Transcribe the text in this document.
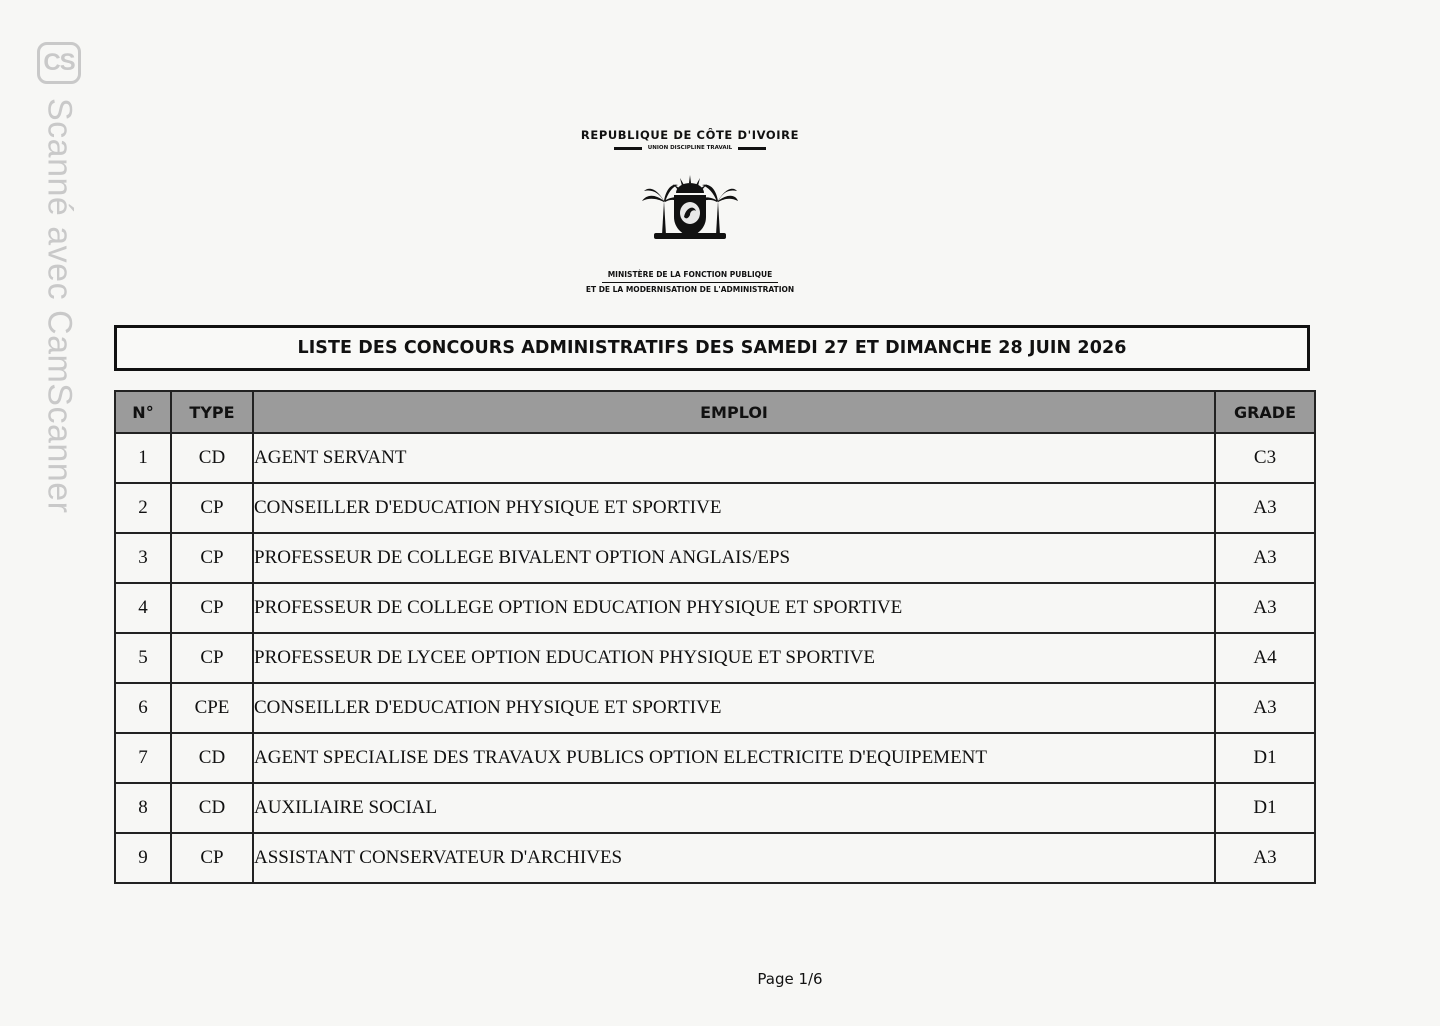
CS
Scanné avec CamScanner	REPUBLIQUE DE CÔTE D'IVOIRE
UNION DISCIPLINE TRAVAIL
MINISTÈRE DE LA FONCTION PUBLIQUE
ET DE LA MODERNISATION DE L'ADMINISTRATION
LISTE DES CONCOURS ADMINISTRATIFS DES SAMEDI 27 ET DIMANCHE 28 JUIN 2026
N°	TYPE	EMPLOI	GRADE
1	CD	AGENT SERVANT	C3
2	CP	CONSEILLER D'EDUCATION PHYSIQUE ET SPORTIVE	A3
3	CP	PROFESSEUR DE COLLEGE BIVALENT OPTION ANGLAIS/EPS	A3
4	CP	PROFESSEUR DE COLLEGE OPTION EDUCATION PHYSIQUE ET SPORTIVE	A3
5	CP	PROFESSEUR DE LYCEE OPTION EDUCATION PHYSIQUE ET SPORTIVE	A4
6	CPE	CONSEILLER D'EDUCATION PHYSIQUE ET SPORTIVE	A3
7	CD	AGENT SPECIALISE DES TRAVAUX PUBLICS OPTION ELECTRICITE D'EQUIPEMENT	D1
8	CD	AUXILIAIRE SOCIAL	D1
9	CP	ASSISTANT CONSERVATEUR D'ARCHIVES	A3
Page 1/6
